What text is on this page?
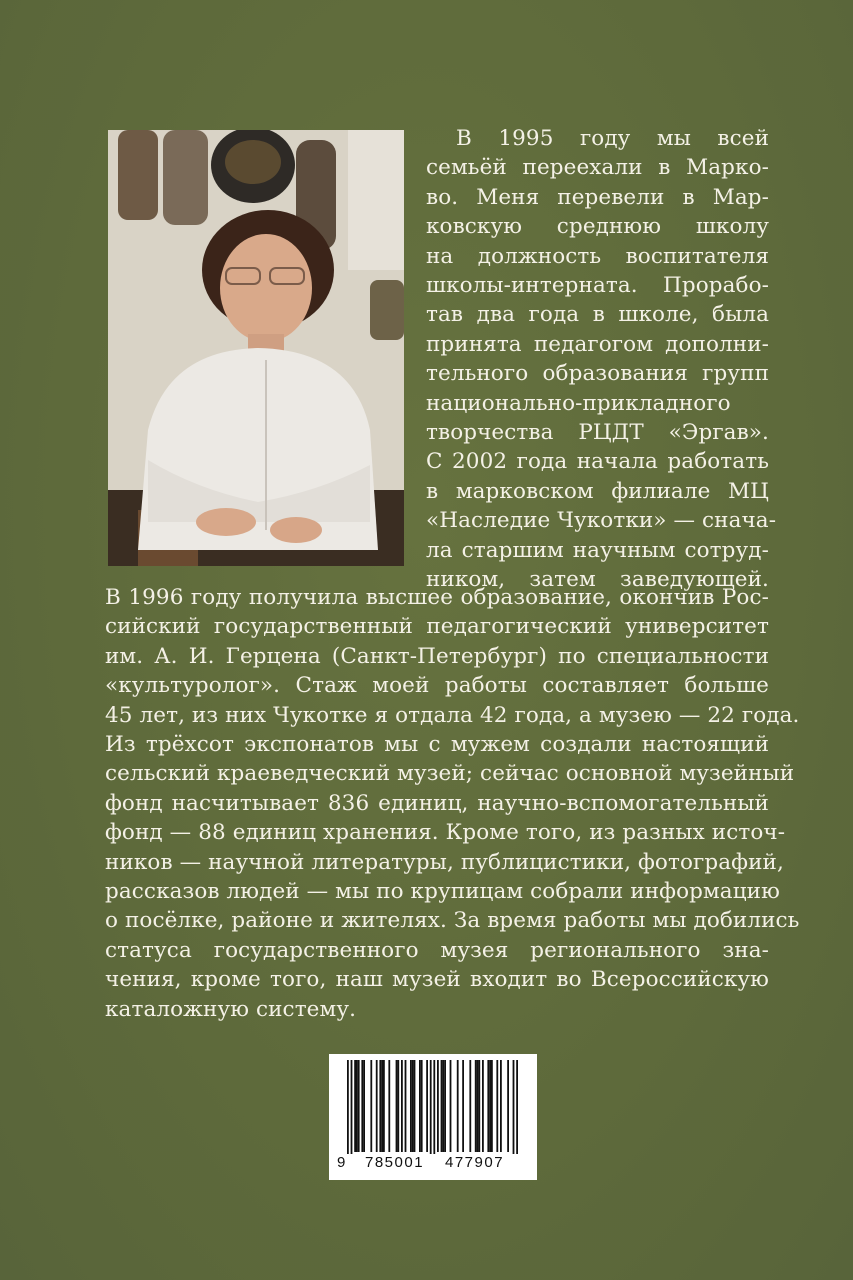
В 1995 году мы всей
семьёй переехали в Марко-
во. Меня перевели в Мар-
ковскую среднюю школу
на должность воспитателя
школы-интерната. Прорабо-
тав два года в школе, была
принята педагогом дополни-
тельного образования групп
национально-прикладного
творчества РЦДТ «Эргав».
С 2002 года начала работать
в марковском филиале МЦ
«Наследие Чукотки» — снача-
ла старшим научным сотруд-
ником, затем заведующей.
В 1996 году получила высшее образование, окончив Рос-
сийский государственный педагогический университет
им. А. И. Герцена (Санкт-Петербург) по специальности
«культуролог». Стаж моей работы составляет больше
45 лет, из них Чукотке я отдала 42 года, а музею — 22 года.
Из трёхсот экспонатов мы с мужем создали настоящий
сельский краеведческий музей; сейчас основной музейный
фонд насчитывает 836 единиц, научно-вспомогательный
фонд — 88 единиц хранения. Кроме того, из разных источ-
ников — научной литературы, публицистики, фотографий,
рассказов людей — мы по крупицам собрали информацию
о посёлке, районе и жителях. За время работы мы добились
статуса государственного музея регионального зна-
чения, кроме того, наш музей входит во Всероссийскую
каталожную систему.
9 785001 477907
